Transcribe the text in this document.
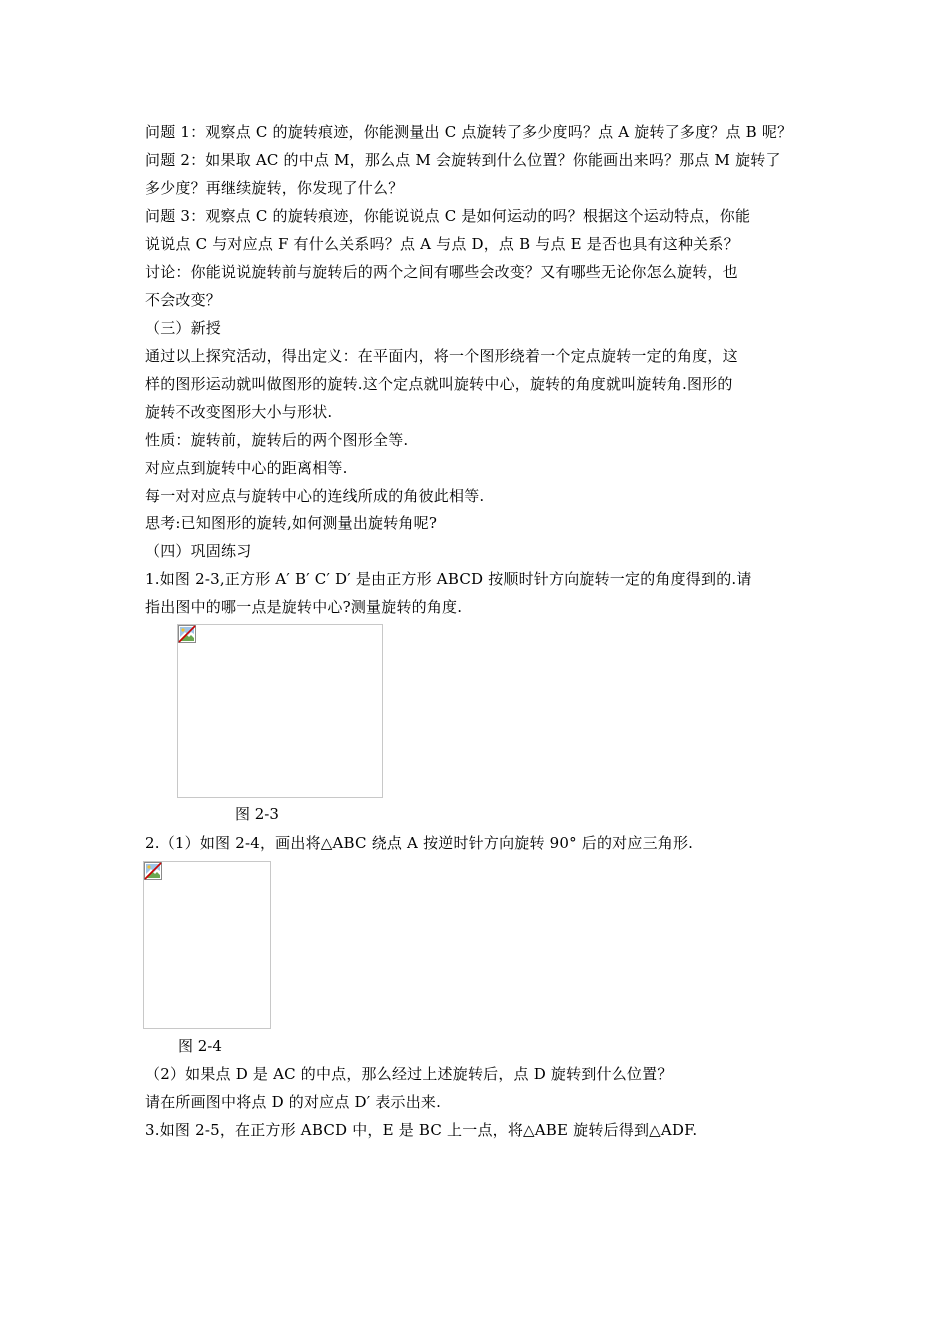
问题 1：观察点 C 的旋转痕迹，你能测量出 C 点旋转了多少度吗？点 A 旋转了多度？点 B 呢？
问题 2：如果取 AC 的中点 M，那么点 M 会旋转到什么位置？你能画出来吗？那点 M 旋转了
多少度？再继续旋转，你发现了什么？
问题 3：观察点 C 的旋转痕迹，你能说说点 C 是如何运动的吗？根据这个运动特点，你能
说说点 C 与对应点 F 有什么关系吗？点 A 与点 D，点 B 与点 E 是否也具有这种关系？
讨论：你能说说旋转前与旋转后的两个之间有哪些会改变？又有哪些无论你怎么旋转，也
不会改变？
（三）新授
通过以上探究活动，得出定义：在平面内，将一个图形绕着一个定点旋转一定的角度，这
样的图形运动就叫做图形的旋转.这个定点就叫旋转中心，旋转的角度就叫旋转角.图形的
旋转不改变图形大小与形状.
性质：旋转前，旋转后的两个图形全等.
对应点到旋转中心的距离相等.
每一对对应点与旋转中心的连线所成的角彼此相等.
思考:已知图形的旋转,如何测量出旋转角呢?
（四）巩固练习
1.如图 2-3,正方形 A′ B′ C′ D′ 是由正方形 ABCD 按顺时针方向旋转一定的角度得到的.请
指出图中的哪一点是旋转中心?测量旋转的角度.
图 2-3
2.（1）如图 2-4，画出将△ABC 绕点 A 按逆时针方向旋转 90° 后的对应三角形.
图 2-4
（2）如果点 D 是 AC 的中点，那么经过上述旋转后，点 D 旋转到什么位置？
请在所画图中将点 D 的对应点 D′ 表示出来.
3.如图 2-5，在正方形 ABCD 中，E 是 BC 上一点，将△ABE 旋转后得到△ADF.
